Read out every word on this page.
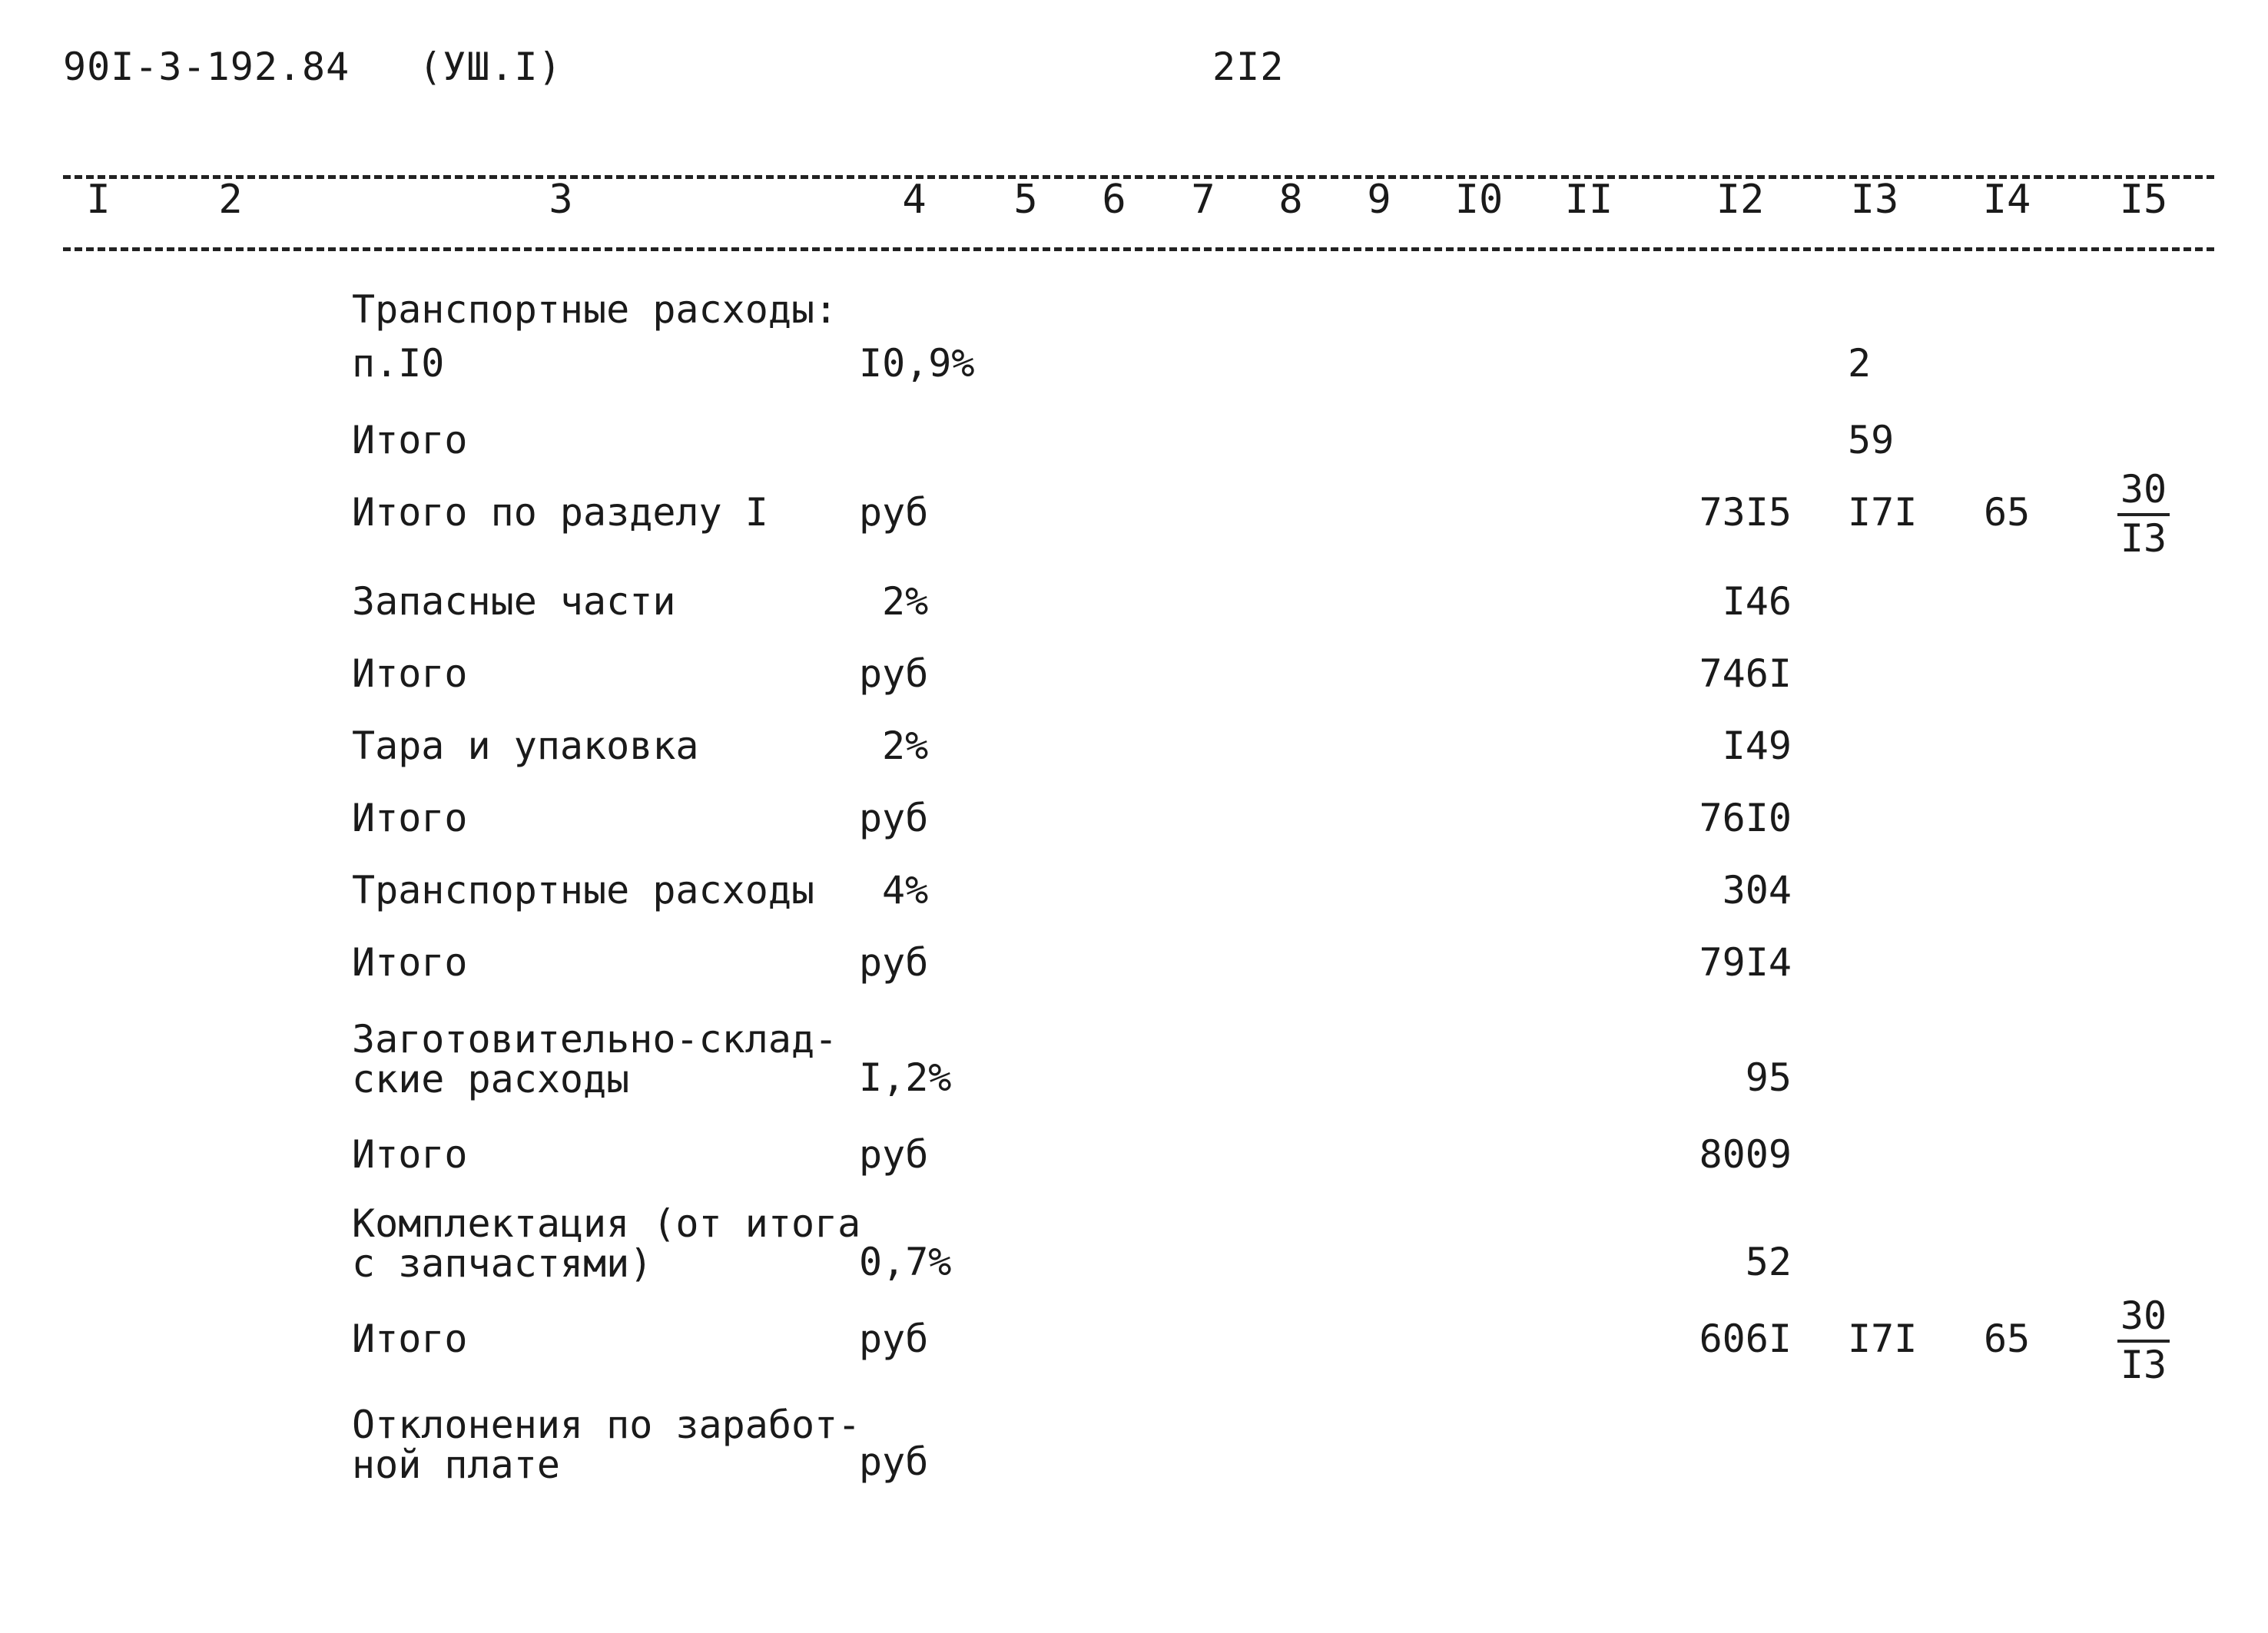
90I-3-192.84 (УШ.I)	2I2
I	2	3	4 5 6 7 8 9 I0 II	I2 I3 I4 I5
Транспортные расходы:
п.I0	I0,9%	2
Итого	59
Итого по разделу I руб	73I5 I7I $65 \frac{30}{I3}$
Запасные части	2%	I46
Итого	руб	746I
Тара и упаковка	2%	I49
Итого	руб	76I0
Транспортные расходы 4%	304
Итого	руб	79I4
Заготовительно-склад-
ские расходы	I,2%	95
Итого	руб	8009
Комплектация (от итога
с запчастями)	0,7%	52
Итого	руб	606I I7I $65 \frac{30}{I3}$
Отклонения по заработ-
ной плате	руб
